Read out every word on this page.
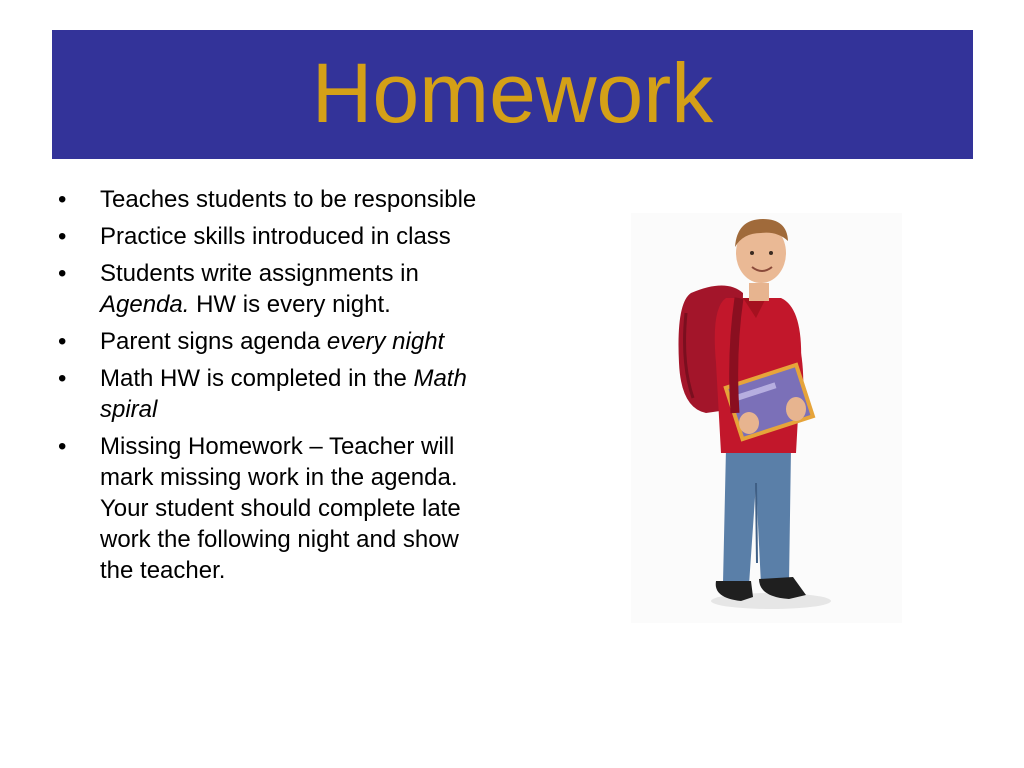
Homework
• Teaches students to be responsible
• Practice skills introduced in class
• Students write assignments in Agenda. HW is every night.
• Parent signs agenda every night
• Math HW is completed in the Math spiral
• Missing Homework – Teacher will mark missing work in the agenda. Your student should complete late work the following night and show the teacher.
